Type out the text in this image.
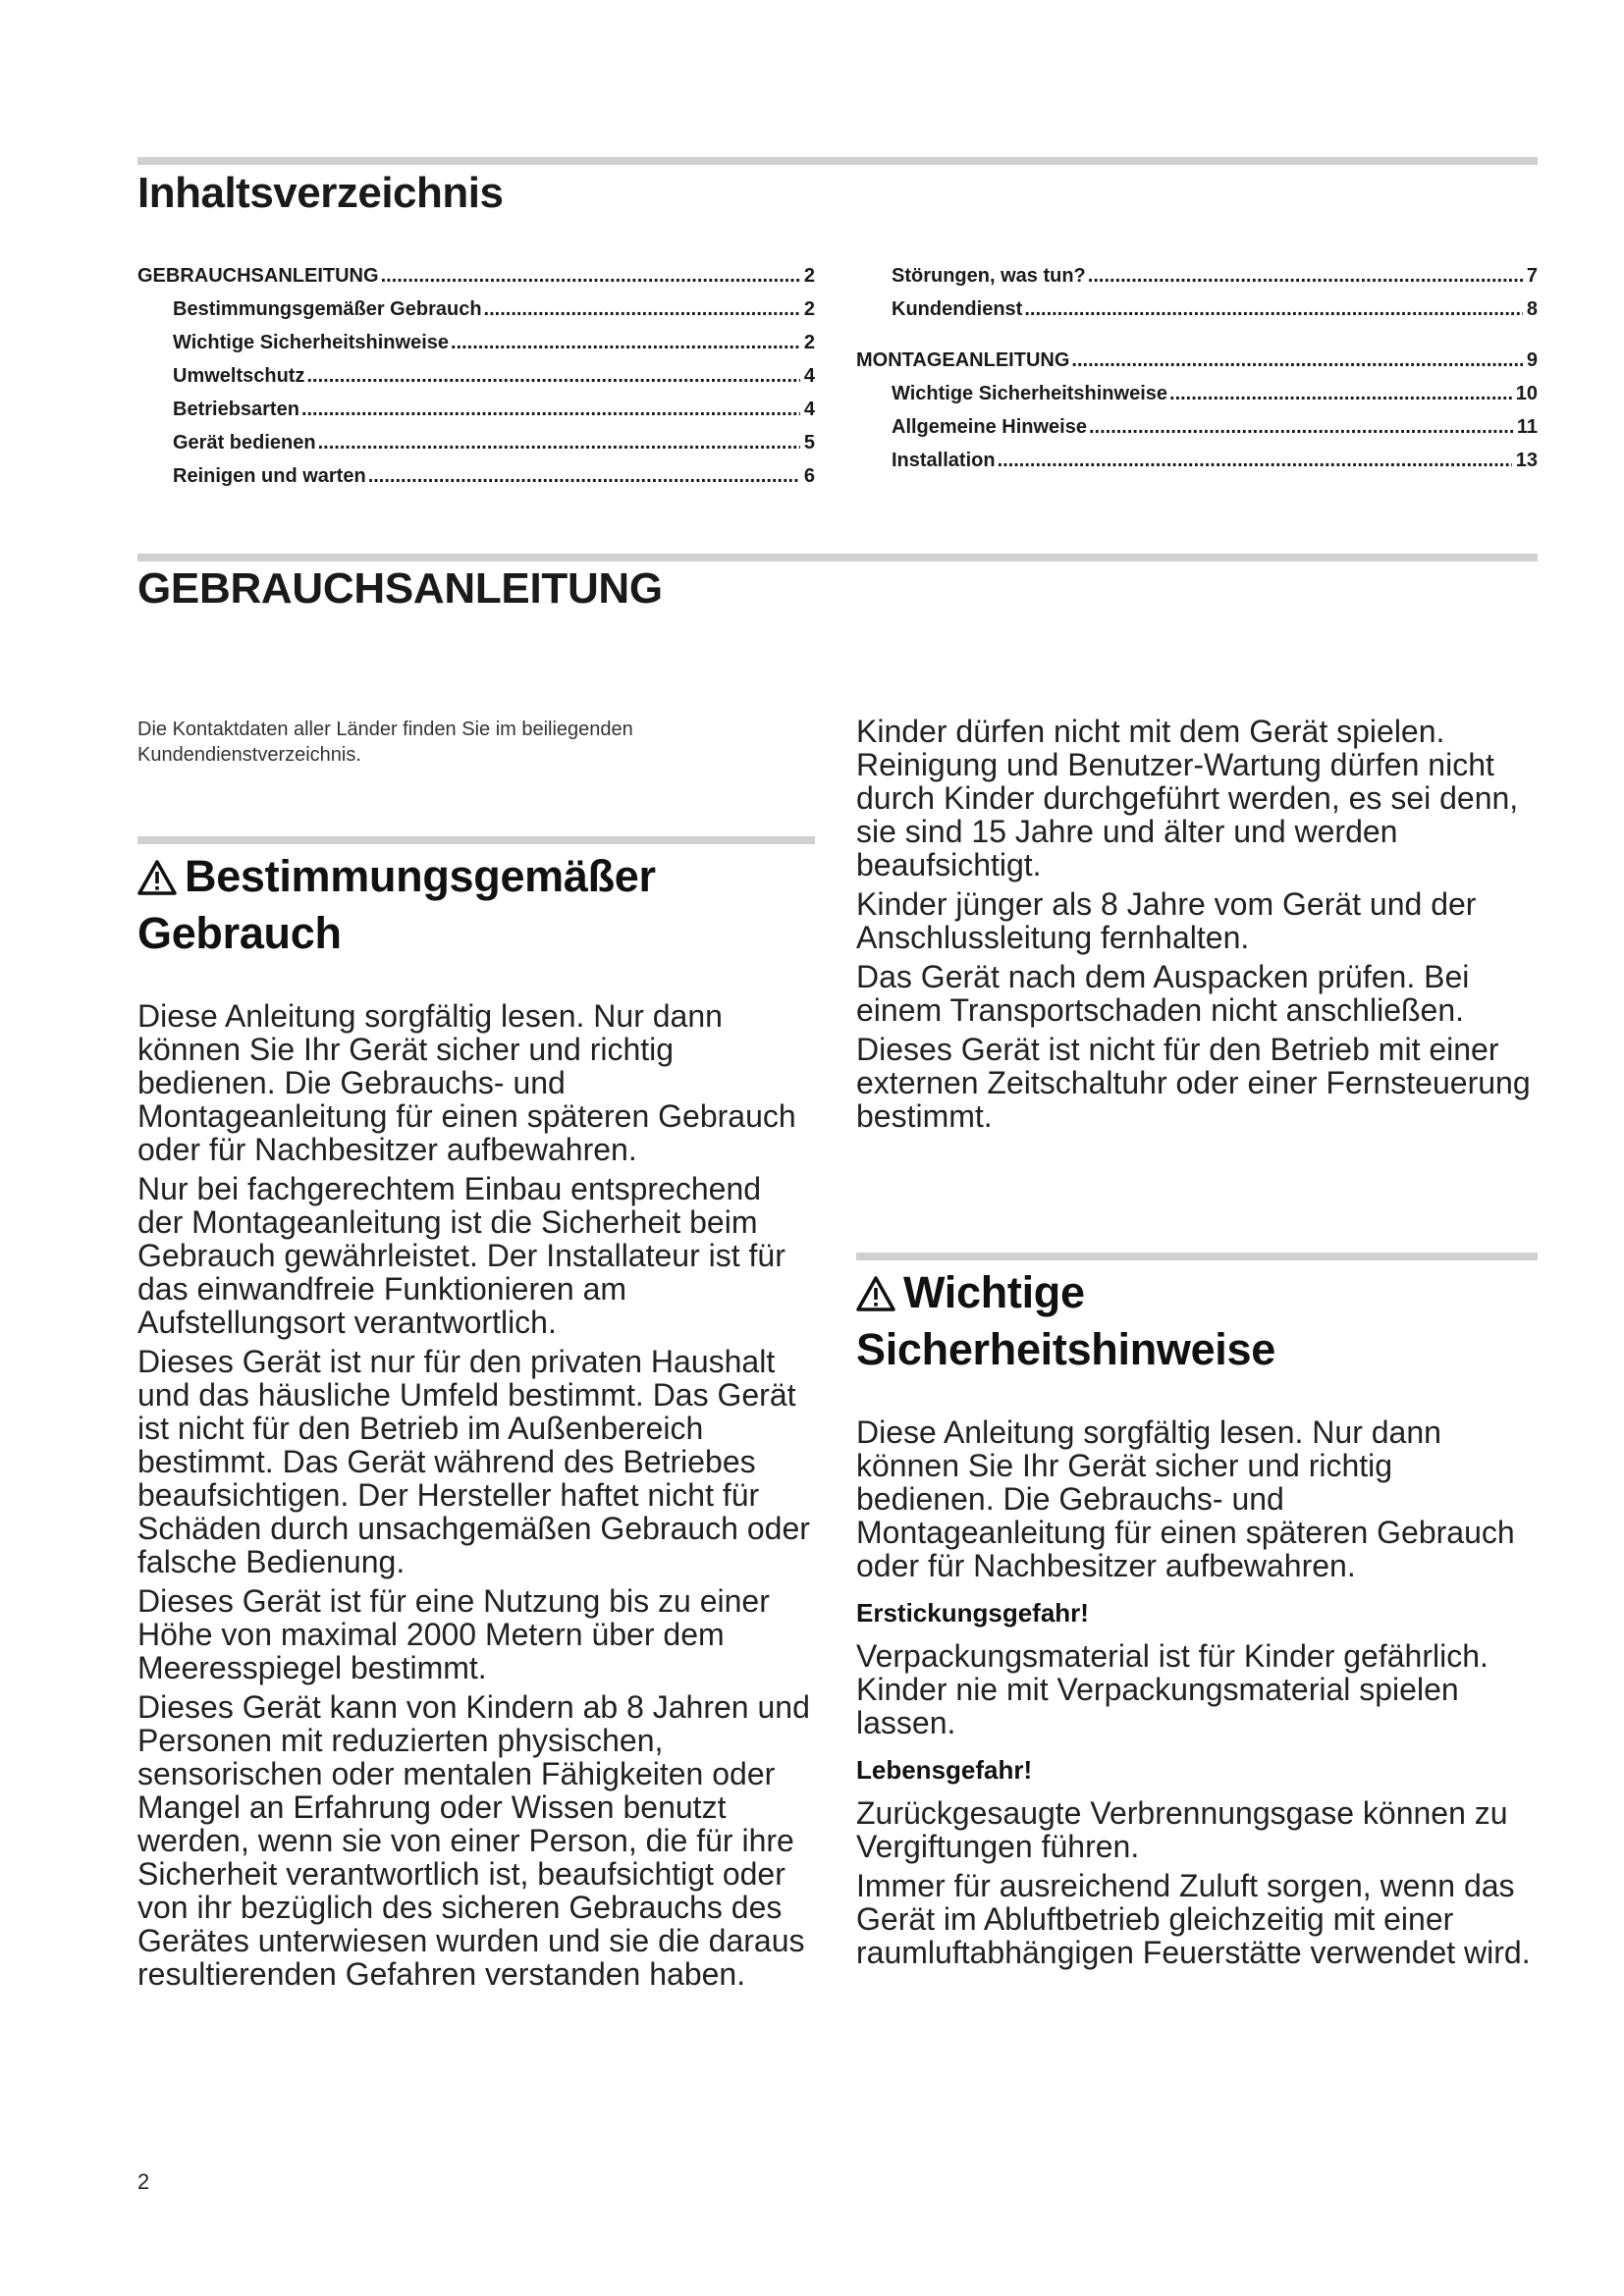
Inhaltsverzeichnis
GEBRAUCHSANLEITUNG .....	2
Bestimmungsgemäßer Gebrauch .....	2
Wichtige Sicherheitshinweise .....	2
Umweltschutz .....	4
Betriebsarten .....	4
Gerät bedienen .....	5
Reinigen und warten .....	6
Störungen, was tun? .....	7
Kundendienst .....	8
MONTAGEANLEITUNG .....	9
Wichtige Sicherheitshinweise .....	10
Allgemeine Hinweise .....	11
Installation .....	13
GEBRAUCHSANLEITUNG

Die Kontaktdaten aller Länder finden Sie im beiliegenden Kundendienstverzeichnis.

Bestimmungsgemäßer
Gebrauch

Diese Anleitung sorgfältig lesen. Nur dann können Sie Ihr Gerät sicher und richtig bedienen. Die Gebrauchs- und Montageanleitung für einen späteren Gebrauch oder für Nachbesitzer aufbewahren.

Nur bei fachgerechtem Einbau entsprechend der Montageanleitung ist die Sicherheit beim Gebrauch gewährleistet. Der Installateur ist für das einwandfreie Funktionieren am Aufstellungsort verantwortlich.

Dieses Gerät ist nur für den privaten Haushalt und das häusliche Umfeld bestimmt. Das Gerät ist nicht für den Betrieb im Außenbereich bestimmt. Das Gerät während des Betriebes beaufsichtigen. Der Hersteller haftet nicht für Schäden durch unsachgemäßen Gebrauch oder falsche Bedienung.

Dieses Gerät ist für eine Nutzung bis zu einer Höhe von maximal 2000 Metern über dem Meeresspiegel bestimmt.

Dieses Gerät kann von Kindern ab 8 Jahren und Personen mit reduzierten physischen, sensorischen oder mentalen Fähigkeiten oder Mangel an Erfahrung oder Wissen benutzt werden, wenn sie von einer Person, die für ihre Sicherheit verantwortlich ist, beaufsichtigt oder von ihr bezüglich des sicheren Gebrauchs des Gerätes unterwiesen wurden und sie die daraus resultierenden Gefahren verstanden haben.

Kinder dürfen nicht mit dem Gerät spielen. Reinigung und Benutzer-Wartung dürfen nicht durch Kinder durchgeführt werden, es sei denn, sie sind 15 Jahre und älter und werden beaufsichtigt.

Kinder jünger als 8 Jahre vom Gerät und der Anschlussleitung fernhalten.

Das Gerät nach dem Auspacken prüfen. Bei einem Transportschaden nicht anschließen.

Dieses Gerät ist nicht für den Betrieb mit einer externen Zeitschaltuhr oder einer Fernsteuerung bestimmt.

Wichtige
Sicherheitshinweise

Diese Anleitung sorgfältig lesen. Nur dann können Sie Ihr Gerät sicher und richtig bedienen. Die Gebrauchs- und Montageanleitung für einen späteren Gebrauch oder für Nachbesitzer aufbewahren.

Erstickungsgefahr!

Verpackungsmaterial ist für Kinder gefährlich. Kinder nie mit Verpackungsmaterial spielen lassen.

Lebensgefahr!

Zurückgesaugte Verbrennungsgase können zu Vergiftungen führen.

Immer für ausreichend Zuluft sorgen, wenn das Gerät im Abluftbetrieb gleichzeitig mit einer raumluftabhängigen Feuerstätte verwendet wird.

2
